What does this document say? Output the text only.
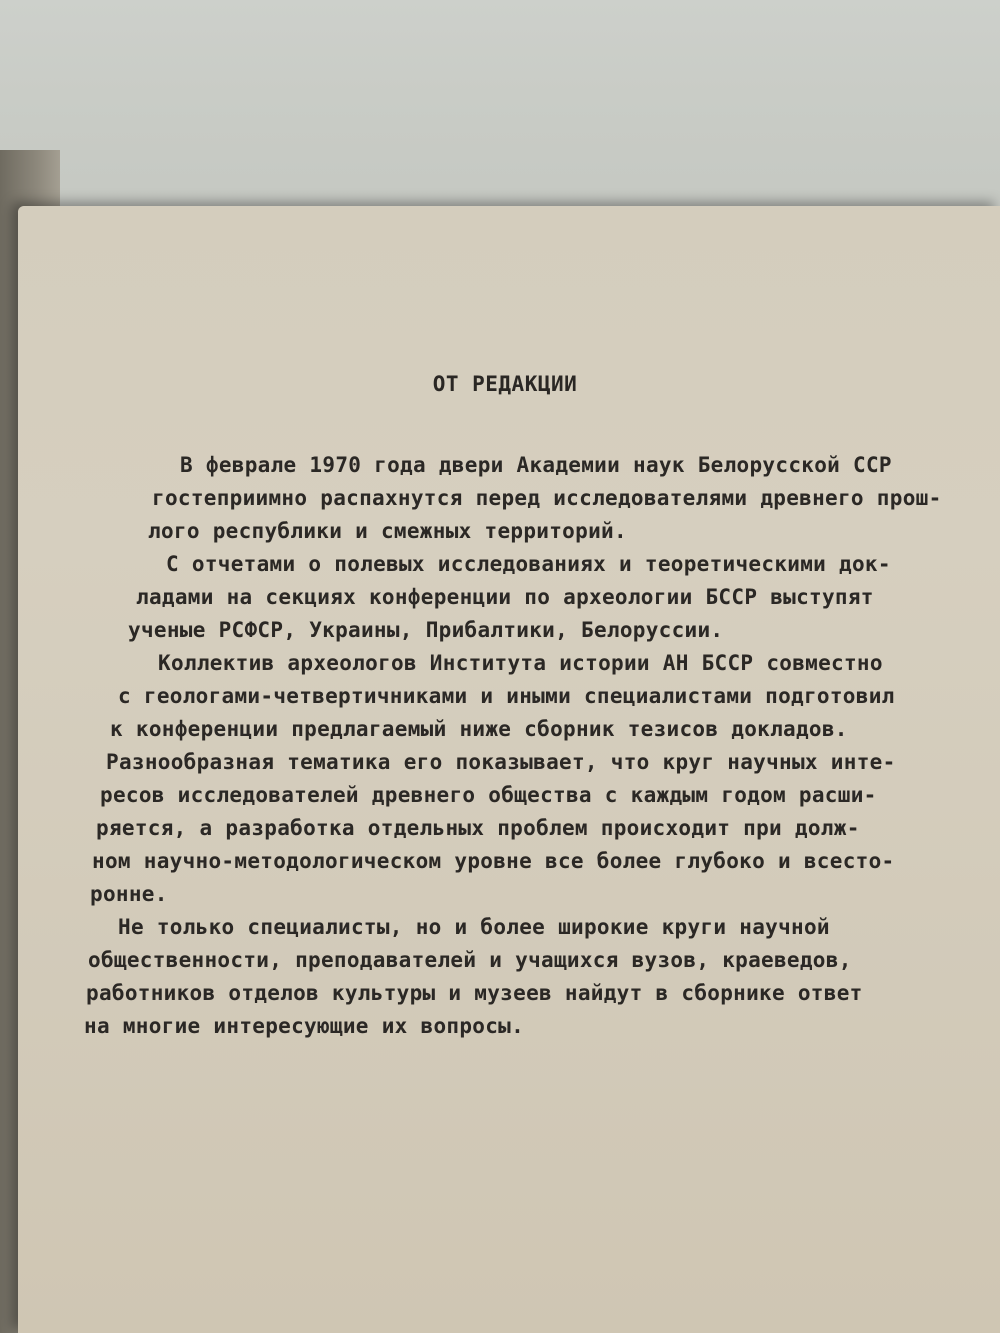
ОТ РЕДАКЦИИ
В феврале 1970 года двери Академии наук Белорусской ССР
гостеприимно распахнутся перед исследователями древнего прош-
лого республики и смежных территорий.
С отчетами о полевых исследованиях и теоретическими док-
ладами на секциях конференции по археологии БССР выступят
ученые РСФСР, Украины, Прибалтики, Белоруссии.
Коллектив археологов Института истории АН БССР совместно
с геологами-четвертичниками и иными специалистами подготовил
к конференции предлагаемый ниже сборник тезисов докладов.
Разнообразная тематика его показывает, что круг научных инте-
ресов исследователей древнего общества с каждым годом расши-
ряется, а разработка отдельных проблем происходит при долж-
ном научно-методологическом уровне все более глубоко и всесто-
ронне.
Не только специалисты, но и более широкие круги научной
общественности, преподавателей и учащихся вузов, краеведов,
работников отделов культуры и музеев найдут в сборнике ответ
на многие интересующие их вопросы.
